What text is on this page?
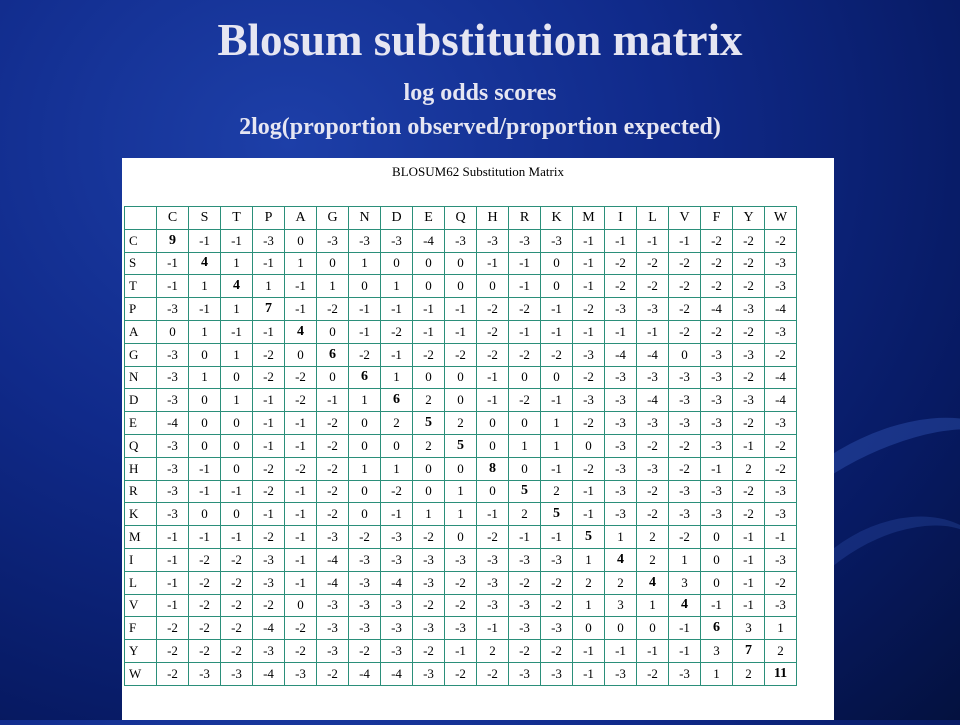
Blosum substitution matrix
log odds scores
2log(proportion observed/proportion expected)
BLOSUM62 Substitution Matrix
	C	S	T	P	A	G	N	D	E	Q	H	R	K	M	I	L	V	F	Y	W
C	9	-1	-1	-3	0	-3	-3	-3	-4	-3	-3	-3	-3	-1	-1	-1	-1	-2	-2	-2
S	-1	4	1	-1	1	0	1	0	0	0	-1	-1	0	-1	-2	-2	-2	-2	-2	-3
T	-1	1	4	1	-1	1	0	1	0	0	0	-1	0	-1	-2	-2	-2	-2	-2	-3
P	-3	-1	1	7	-1	-2	-1	-1	-1	-1	-2	-2	-1	-2	-3	-3	-2	-4	-3	-4
A	0	1	-1	-1	4	0	-1	-2	-1	-1	-2	-1	-1	-1	-1	-1	-2	-2	-2	-3
G	-3	0	1	-2	0	6	-2	-1	-2	-2	-2	-2	-2	-3	-4	-4	0	-3	-3	-2
N	-3	1	0	-2	-2	0	6	1	0	0	-1	0	0	-2	-3	-3	-3	-3	-2	-4
D	-3	0	1	-1	-2	-1	1	6	2	0	-1	-2	-1	-3	-3	-4	-3	-3	-3	-4
E	-4	0	0	-1	-1	-2	0	2	5	2	0	0	1	-2	-3	-3	-3	-3	-2	-3
Q	-3	0	0	-1	-1	-2	0	0	2	5	0	1	1	0	-3	-2	-2	-3	-1	-2
H	-3	-1	0	-2	-2	-2	1	1	0	0	8	0	-1	-2	-3	-3	-2	-1	2	-2
R	-3	-1	-1	-2	-1	-2	0	-2	0	1	0	5	2	-1	-3	-2	-3	-3	-2	-3
K	-3	0	0	-1	-1	-2	0	-1	1	1	-1	2	5	-1	-3	-2	-3	-3	-2	-3
M	-1	-1	-1	-2	-1	-3	-2	-3	-2	0	-2	-1	-1	5	1	2	-2	0	-1	-1
I	-1	-2	-2	-3	-1	-4	-3	-3	-3	-3	-3	-3	-3	1	4	2	1	0	-1	-3
L	-1	-2	-2	-3	-1	-4	-3	-4	-3	-2	-3	-2	-2	2	2	4	3	0	-1	-2
V	-1	-2	-2	-2	0	-3	-3	-3	-2	-2	-3	-3	-2	1	3	1	4	-1	-1	-3
F	-2	-2	-2	-4	-2	-3	-3	-3	-3	-3	-1	-3	-3	0	0	0	-1	6	3	1
Y	-2	-2	-2	-3	-2	-3	-2	-3	-2	-1	2	-2	-2	-1	-1	-1	-1	3	7	2
W	-2	-3	-3	-4	-3	-2	-4	-4	-3	-2	-2	-3	-3	-1	-3	-2	-3	1	2	11
